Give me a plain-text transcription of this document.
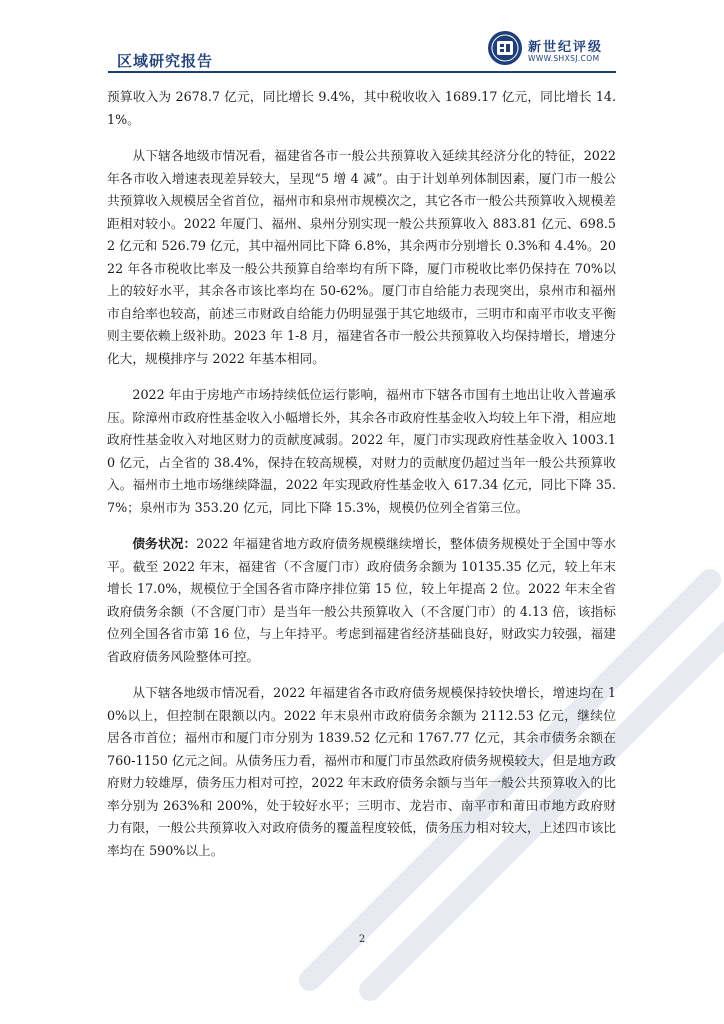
区域研究报告
新世纪评级
WWW.SHXSJ.COM

预算收入为 2678.7 亿元，同比增长 9.4%，其中税收收入 1689.17 亿元，同比增长 14.1%。

从下辖各地级市情况看，福建省各市一般公共预算收入延续其经济分化的特征，2022 年各市收入增速表现差异较大，呈现“5 增 4 减”。由于计划单列体制因素，厦门市一般公共预算收入规模居全省首位，福州市和泉州市规模次之，其它各市一般公共预算收入规模差距相对较小。2022 年厦门、福州、泉州分别实现一般公共预算收入 883.81 亿元、698.52 亿元和 526.79 亿元，其中福州同比下降 6.8%，其余两市分别增长 0.3%和 4.4%。2022 年各市税收比率及一般公共预算自给率均有所下降，厦门市税收比率仍保持在 70%以上的较好水平，其余各市该比率均在 50-62%。厦门市自给能力表现突出，泉州市和福州市自给率也较高，前述三市财政自给能力仍明显强于其它地级市，三明市和南平市收支平衡则主要依赖上级补助。2023 年 1-8 月，福建省各市一般公共预算收入均保持增长，增速分化大，规模排序与 2022 年基本相同。

2022 年由于房地产市场持续低位运行影响，福州市下辖各市国有土地出让收入普遍承压。除漳州市政府性基金收入小幅增长外，其余各市政府性基金收入均较上年下滑，相应地政府性基金收入对地区财力的贡献度减弱。2022 年，厦门市实现政府性基金收入 1003.10 亿元，占全省的 38.4%，保持在较高规模，对财力的贡献度仍超过当年一般公共预算收入。福州市土地市场继续降温，2022 年实现政府性基金收入 617.34 亿元，同比下降 35.7%；泉州市为 353.20 亿元，同比下降 15.3%，规模仍位列全省第三位。

债务状况：2022 年福建省地方政府债务规模继续增长，整体债务规模处于全国中等水平。截至 2022 年末，福建省（不含厦门市）政府债务余额为 10135.35 亿元，较上年末增长 17.0%，规模位于全国各省市降序排位第 15 位，较上年提高 2 位。2022 年末全省政府债务余额（不含厦门市）是当年一般公共预算收入（不含厦门市）的 4.13 倍，该指标位列全国各省市第 16 位，与上年持平。考虑到福建省经济基础良好，财政实力较强，福建省政府债务风险整体可控。

从下辖各地级市情况看，2022 年福建省各市政府债务规模保持较快增长，增速均在 10%以上，但控制在限额以内。2022 年末泉州市政府债务余额为 2112.53 亿元，继续位居各市首位；福州市和厦门市分别为 1839.52 亿元和 1767.77 亿元，其余市债务余额在 760-1150 亿元之间。从债务压力看，福州市和厦门市虽然政府债务规模较大，但是地方政府财力较雄厚，债务压力相对可控，2022 年末政府债务余额与当年一般公共预算收入的比率分别为 263%和 200%，处于较好水平；三明市、龙岩市、南平市和莆田市地方政府财力有限，一般公共预算收入对政府债务的覆盖程度较低，债务压力相对较大，上述四市该比率均在 590%以上。

2
